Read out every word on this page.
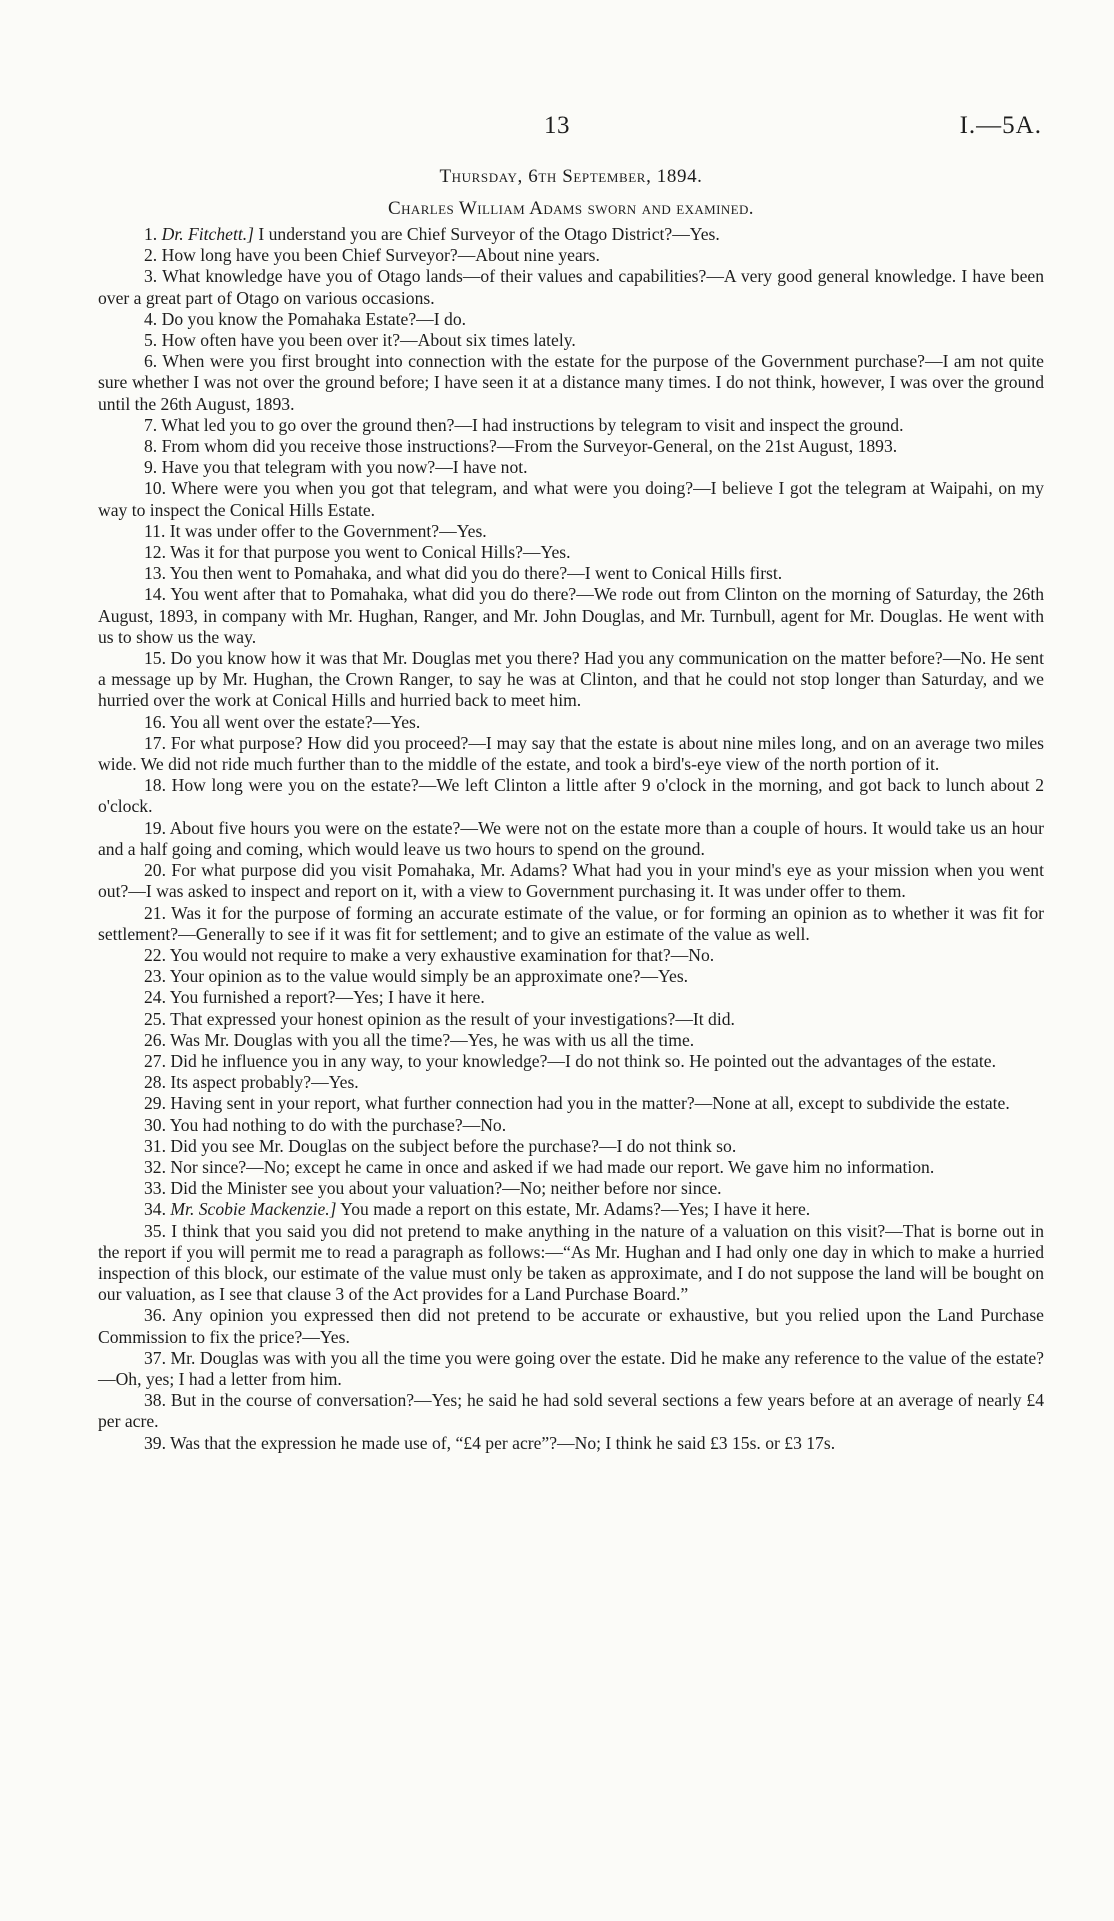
13	I.—5A.
Thursday, 6th September, 1894.
Charles William Adams sworn and examined.

1. Dr. Fitchett.] I understand you are Chief Surveyor of the Otago District?—Yes.

2. How long have you been Chief Surveyor?—About nine years.

3. What knowledge have you of Otago lands—of their values and capabilities?—A very good general knowledge. I have been over a great part of Otago on various occasions.

4. Do you know the Pomahaka Estate?—I do.

5. How often have you been over it?—About six times lately.

6. When were you first brought into connection with the estate for the purpose of the Government purchase?—I am not quite sure whether I was not over the ground before; I have seen it at a distance many times. I do not think, however, I was over the ground until the 26th August, 1893.

7. What led you to go over the ground then?—I had instructions by telegram to visit and inspect the ground.

8. From whom did you receive those instructions?—From the Surveyor-General, on the 21st August, 1893.

9. Have you that telegram with you now?—I have not.

10. Where were you when you got that telegram, and what were you doing?—I believe I got the telegram at Waipahi, on my way to inspect the Conical Hills Estate.

11. It was under offer to the Government?—Yes.

12. Was it for that purpose you went to Conical Hills?—Yes.

13. You then went to Pomahaka, and what did you do there?—I went to Conical Hills first.

14. You went after that to Pomahaka, what did you do there?—We rode out from Clinton on the morning of Saturday, the 26th August, 1893, in company with Mr. Hughan, Ranger, and Mr. John Douglas, and Mr. Turnbull, agent for Mr. Douglas. He went with us to show us the way.

15. Do you know how it was that Mr. Douglas met you there? Had you any communication on the matter before?—No. He sent a message up by Mr. Hughan, the Crown Ranger, to say he was at Clinton, and that he could not stop longer than Saturday, and we hurried over the work at Conical Hills and hurried back to meet him.

16. You all went over the estate?—Yes.

17. For what purpose? How did you proceed?—I may say that the estate is about nine miles long, and on an average two miles wide. We did not ride much further than to the middle of the estate, and took a bird's-eye view of the north portion of it.

18. How long were you on the estate?—We left Clinton a little after 9 o'clock in the morning, and got back to lunch about 2 o'clock.

19. About five hours you were on the estate?—We were not on the estate more than a couple of hours. It would take us an hour and a half going and coming, which would leave us two hours to spend on the ground.

20. For what purpose did you visit Pomahaka, Mr. Adams? What had you in your mind's eye as your mission when you went out?—I was asked to inspect and report on it, with a view to Government purchasing it. It was under offer to them.

21. Was it for the purpose of forming an accurate estimate of the value, or for forming an opinion as to whether it was fit for settlement?—Generally to see if it was fit for settlement; and to give an estimate of the value as well.

22. You would not require to make a very exhaustive examination for that?—No.

23. Your opinion as to the value would simply be an approximate one?—Yes.

24. You furnished a report?—Yes; I have it here.

25. That expressed your honest opinion as the result of your investigations?—It did.

26. Was Mr. Douglas with you all the time?—Yes, he was with us all the time.

27. Did he influence you in any way, to your knowledge?—I do not think so. He pointed out the advantages of the estate.

28. Its aspect probably?—Yes.

29. Having sent in your report, what further connection had you in the matter?—None at all, except to subdivide the estate.

30. You had nothing to do with the purchase?—No.

31. Did you see Mr. Douglas on the subject before the purchase?—I do not think so.

32. Nor since?—No; except he came in once and asked if we had made our report. We gave him no information.

33. Did the Minister see you about your valuation?—No; neither before nor since.

34. Mr. Scobie Mackenzie.] You made a report on this estate, Mr. Adams?—Yes; I have it here.

35. I think that you said you did not pretend to make anything in the nature of a valuation on this visit?—That is borne out in the report if you will permit me to read a paragraph as follows:—“As Mr. Hughan and I had only one day in which to make a hurried inspection of this block, our estimate of the value must only be taken as approximate, and I do not suppose the land will be bought on our valuation, as I see that clause 3 of the Act provides for a Land Purchase Board.”

36. Any opinion you expressed then did not pretend to be accurate or exhaustive, but you relied upon the Land Purchase Commission to fix the price?—Yes.

37. Mr. Douglas was with you all the time you were going over the estate. Did he make any reference to the value of the estate?—Oh, yes; I had a letter from him.

38. But in the course of conversation?—Yes; he said he had sold several sections a few years before at an average of nearly £4 per acre.

39. Was that the expression he made use of, “£4 per acre”?—No; I think he said £3 15s. or £3 17s.
